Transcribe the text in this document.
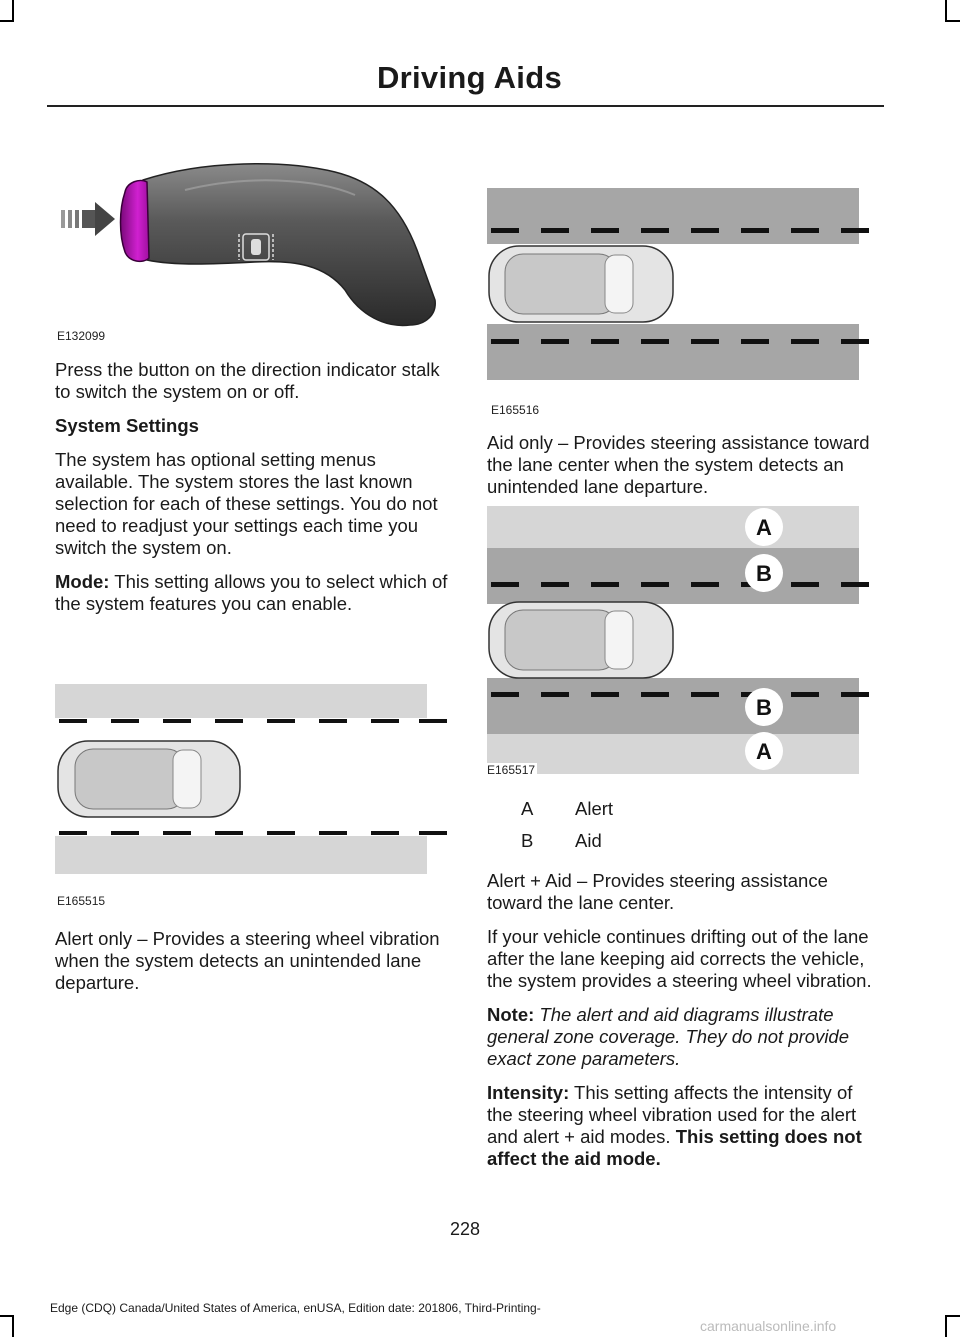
Driving Aids
E132099

Press the button on the direction indicator stalk to switch the system on or off.

System Settings

The system has optional setting menus available. The system stores the last known selection for each of these settings. You do not need to readjust your settings each time you switch the system on.

Mode: This setting allows you to select which of the system features you can enable.

E165515

Alert only – Provides a steering wheel vibration when the system detects an unintended lane departure.

E165516

Aid only – Provides steering assistance toward the lane center when the system detects an unintended lane departure.

A
B
B
A
E165517
A Alert
B Aid

Alert + Aid – Provides steering assistance toward the lane center.

If your vehicle continues drifting out of the lane after the lane keeping aid corrects the vehicle, the system provides a steering wheel vibration.

Note: The alert and aid diagrams illustrate general zone coverage. They do not provide exact zone parameters.

Intensity: This setting affects the intensity of the steering wheel vibration used for the alert and alert + aid modes. This setting does not affect the aid mode.

228
Edge (CDQ) Canada/United States of America, enUSA, Edition date: 201806, Third-Printing-
carmanualsonline.info
